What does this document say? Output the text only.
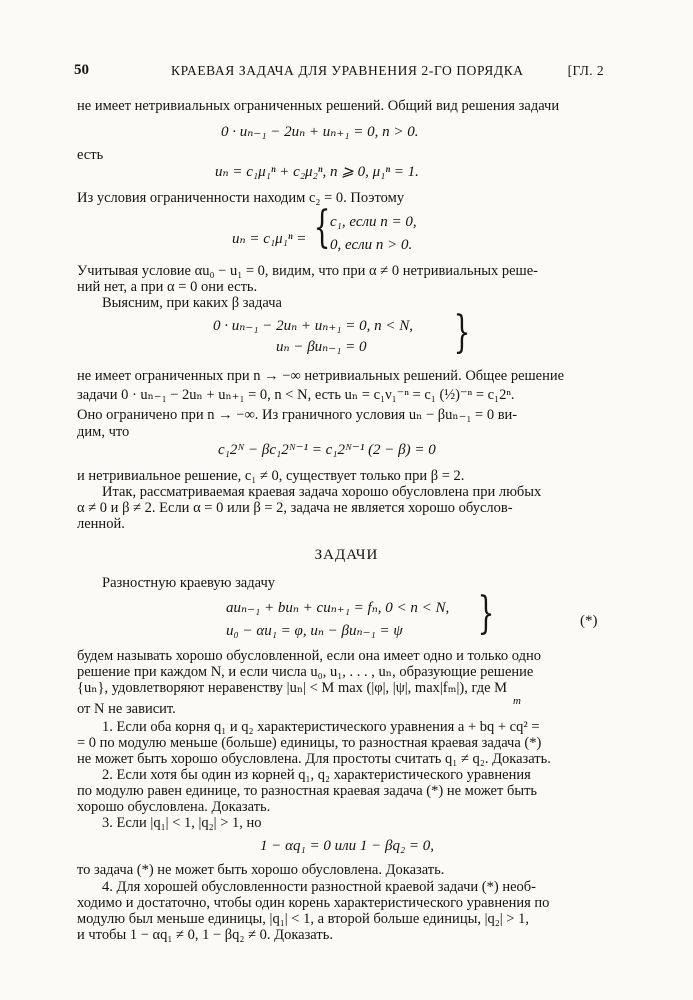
50	КРАЕВАЯ ЗАДАЧА ДЛЯ УРАВНЕНИЯ 2-ГО ПОРЯДКА	[ГЛ. 2
не имеет нетривиальных ограниченных решений. Общий вид решения задачи
0 · uₙ₋₁ − 2uₙ + uₙ₊₁ = 0, n > 0.
есть
uₙ = c₁μ₁ⁿ + c₂μ₂ⁿ, n ⩾ 0, μ₁ⁿ = 1.
Из условия ограниченности находим c₂ = 0. Поэтому
uₙ = c₁μ₁ⁿ = { c₁, если n = 0,
0, если n > 0.
Учитывая условие αu₀ − u₁ = 0, видим, что при α ≠ 0 нетривиальных реше-
ний нет, а при α = 0 они есть.
Выясним, при каких β задача
0 · uₙ₋₁ − 2uₙ + uₙ₊₁ = 0, n < N,
uₙ − βuₙ₋₁ = 0 }
не имеет ограниченных при n → −∞ нетривиальных решений. Общее решение
задачи 0 · uₙ₋₁ − 2uₙ + uₙ₊₁ = 0, n < N, есть uₙ = c₁ν₁⁻ⁿ = c₁ (½)⁻ⁿ = c₁2ⁿ.
Оно ограничено при n → −∞. Из граничного условия uₙ − βuₙ₋₁ = 0 ви-
дим, что
c₁2ᴺ − βc₁2ᴺ⁻¹ = c₁2ᴺ⁻¹ (2 − β) = 0
и нетривиальное решение, c₁ ≠ 0, существует только при β = 2.
Итак, рассматриваемая краевая задача хорошо обусловлена при любых
α ≠ 0 и β ≠ 2. Если α = 0 или β = 2, задача не является хорошо обуслов-
ленной.
ЗАДАЧИ
Разностную краевую задачу
auₙ₋₁ + buₙ + cuₙ₊₁ = fₙ, 0 < n < N,
u₀ − αu₁ = φ, uₙ − βuₙ₋₁ = ψ }	(*)
будем называть хорошо обусловленной, если она имеет одно и только одно
решение при каждом N, и если числа u₀, u₁, . . . , uₙ, образующие решение
{uₙ}, удовлетворяют неравенству |uₙ| < M max (|φ|, |ψ|, max|fₘ|), где M
m
от N не зависит.
1. Если оба корня q₁ и q₂ характеристического уравнения a + bq + cq² =
= 0 по модулю меньше (больше) единицы, то разностная краевая задача (*)
не может быть хорошо обусловлена. Для простоты считать q₁ ≠ q₂. Доказать.
2. Если хотя бы один из корней q₁, q₂ характеристического уравнения
по модулю равен единице, то разностная краевая задача (*) не может быть
хорошо обусловлена. Доказать.
3. Если |q₁| < 1, |q₂| > 1, но
1 − αq₁ = 0 или 1 − βq₂ = 0,
то задача (*) не может быть хорошо обусловлена. Доказать.
4. Для хорошей обусловленности разностной краевой задачи (*) необ-
ходимо и достаточно, чтобы один корень характеристического уравнения по
модулю был меньше единицы, |q₁| < 1, а второй больше единицы, |q₂| > 1,
и чтобы 1 − αq₁ ≠ 0, 1 − βq₂ ≠ 0. Доказать.
